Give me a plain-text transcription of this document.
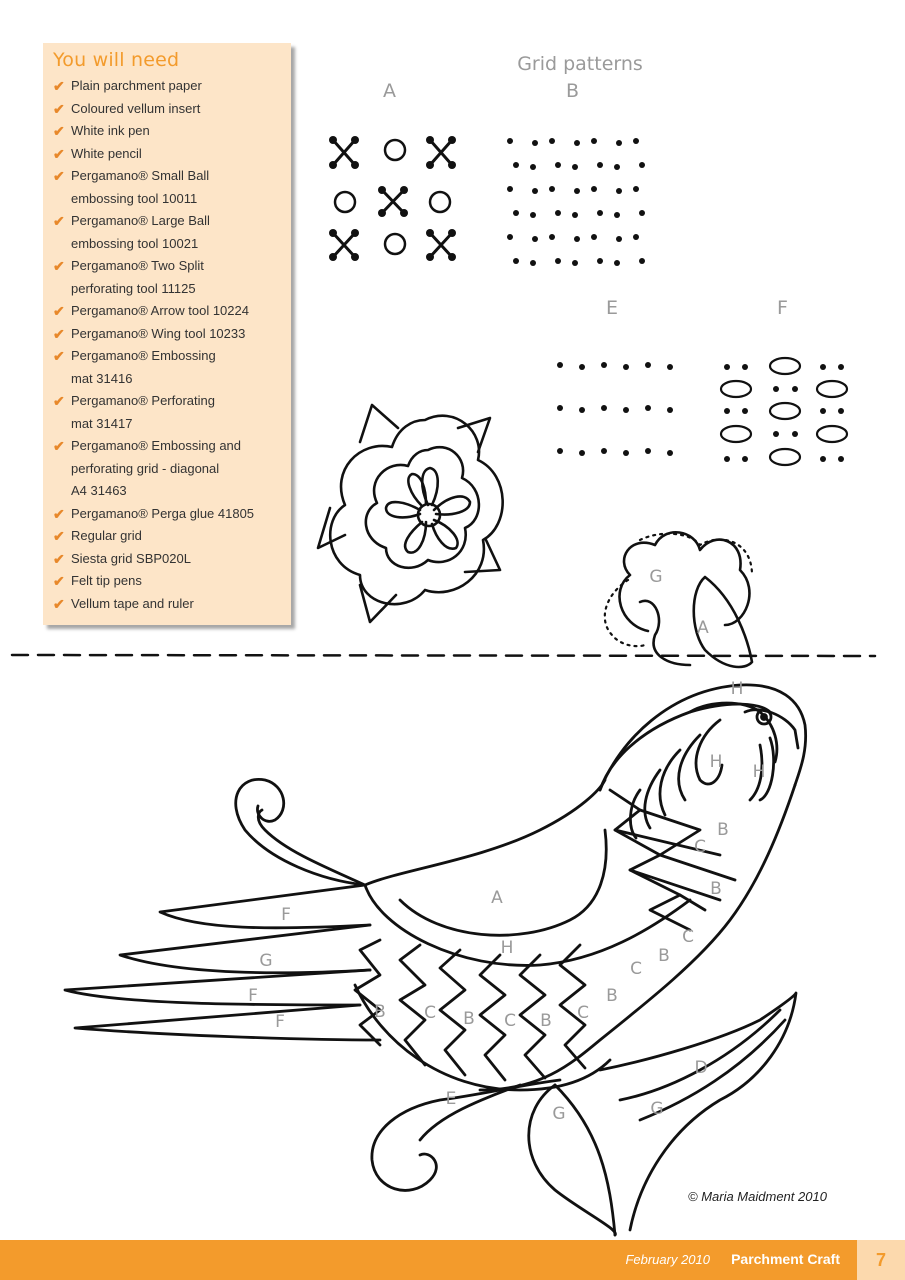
You will need
✔ Plain parchment paper
✔ Coloured vellum insert
✔ White ink pen
✔ White pencil
✔ Pergamano® Small Ball
embossing tool 10011
✔ Pergamano® Large Ball
embossing tool 10021
✔ Pergamano® Two Split
perforating tool 11125
✔ Pergamano® Arrow tool 10224
✔ Pergamano® Wing tool 10233
✔ Pergamano® Embossing
mat 31416
✔ Pergamano® Perforating
mat 31417
✔ Pergamano® Embossing and
perforating grid - diagonal
A4 31463
✔ Pergamano® Perga glue 41805
✔ Regular grid
✔ Siesta grid SBP020L
✔ Felt tip pens
✔ Vellum tape and ruler
Grid patterns
A	B
E	F
G
A
H
H H
B
C
B
C
B
C
B
A
F
H
G
F
F	B C B C B C
E
G	G
D
© Maria Maidment 2010
February 2010 Parchment Craft	7
